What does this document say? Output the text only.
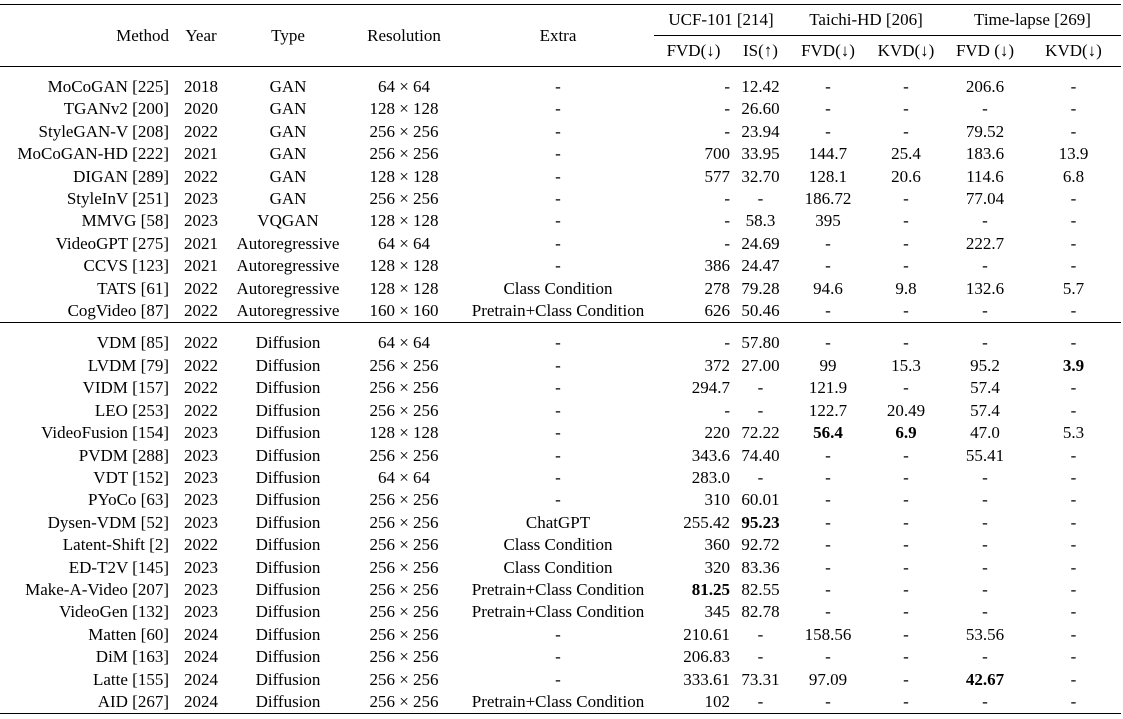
Method	Year	Type	Resolution	Extra	UCF-101 [214]		Taichi-HD [206]		Time-lapse [269]	
					FVD(↓)	IS(↑)	FVD(↓)	KVD(↓)	FVD (↓)	KVD(↓)
MoCoGAN [225]	2018	GAN	64 × 64	-	-	12.42	-	-	206.6	-
TGANv2 [200]	2020	GAN	128 × 128	-	-	26.60	-	-	-	-
StyleGAN-V [208]	2022	GAN	256 × 256	-	-	23.94	-	-	79.52	-
MoCoGAN-HD [222]	2021	GAN	256 × 256	-	700	33.95	144.7	25.4	183.6	13.9
DIGAN [289]	2022	GAN	128 × 128	-	577	32.70	128.1	20.6	114.6	6.8
StyleInV [251]	2023	GAN	256 × 256	-	-	-	186.72	-	77.04	-
MMVG [58]	2023	VQGAN	128 × 128	-	-	58.3	395	-	-	-
VideoGPT [275]	2021	Autoregressive	64 × 64	-	-	24.69	-	-	222.7	-
CCVS [123]	2021	Autoregressive	128 × 128	-	386	24.47	-	-	-	-
TATS [61]	2022	Autoregressive	128 × 128	Class Condition	278	79.28	94.6	9.8	132.6	5.7
CogVideo [87]	2022	Autoregressive	160 × 160	Pretrain+Class Condition	626	50.46	-	-	-	-
VDM [85]	2022	Diffusion	64 × 64	-	-	57.80	-	-	-	-
LVDM [79]	2022	Diffusion	256 × 256	-	372	27.00	99	15.3	95.2	3.9
VIDM [157]	2022	Diffusion	256 × 256	-	294.7	-	121.9	-	57.4	-
LEO [253]	2022	Diffusion	256 × 256	-	-	-	122.7	20.49	57.4	-
VideoFusion [154]	2023	Diffusion	128 × 128	-	220	72.22	56.4	6.9	47.0	5.3
PVDM [288]	2023	Diffusion	256 × 256	-	343.6	74.40	-	-	55.41	-
VDT [152]	2023	Diffusion	64 × 64	-	283.0	-	-	-	-	-
PYoCo [63]	2023	Diffusion	256 × 256	-	310	60.01	-	-	-	-
Dysen-VDM [52]	2023	Diffusion	256 × 256	ChatGPT	255.42	95.23	-	-	-	-
Latent-Shift [2]	2022	Diffusion	256 × 256	Class Condition	360	92.72	-	-	-	-
ED-T2V [145]	2023	Diffusion	256 × 256	Class Condition	320	83.36	-	-	-	-
Make-A-Video [207]	2023	Diffusion	256 × 256	Pretrain+Class Condition	81.25	82.55	-	-	-	-
VideoGen [132]	2023	Diffusion	256 × 256	Pretrain+Class Condition	345	82.78	-	-	-	-
Matten [60]	2024	Diffusion	256 × 256	-	210.61	-	158.56	-	53.56	-
DiM [163]	2024	Diffusion	256 × 256	-	206.83	-	-	-	-	-
Latte [155]	2024	Diffusion	256 × 256	-	333.61	73.31	97.09	-	42.67	-
AID [267]	2024	Diffusion	256 × 256	Pretrain+Class Condition	102	-	-	-	-	-
